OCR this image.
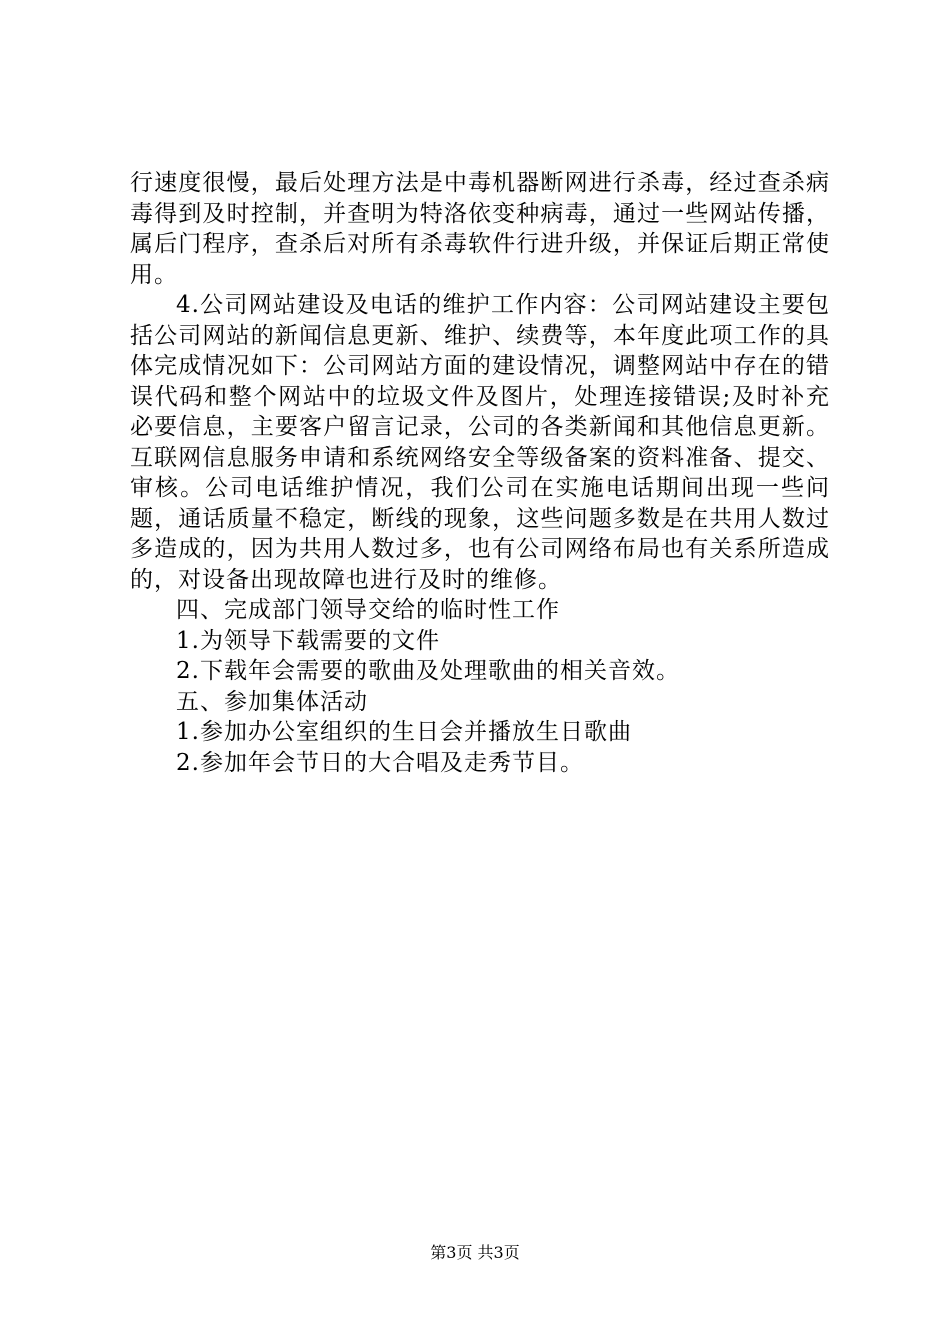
行速度很慢，最后处理方法是中毒机器断网进行杀毒，经过查杀病毒得到及时控制，并查明为特洛依变种病毒，通过一些网站传播，属后门程序，查杀后对所有杀毒软件行进升级，并保证后期正常使用。

4.公司网站建设及电话的维护工作内容：公司网站建设主要包括公司网站的新闻信息更新、维护、续费等，本年度此项工作的具体完成情况如下：公司网站方面的建设情况，调整网站中存在的错误代码和整个网站中的垃圾文件及图片，处理连接错误;及时补充必要信息，主要客户留言记录，公司的各类新闻和其他信息更新。互联网信息服务申请和系统网络安全等级备案的资料准备、提交、审核。公司电话维护情况，我们公司在实施电话期间出现一些问题，通话质量不稳定，断线的现象，这些问题多数是在共用人数过多造成的，因为共用人数过多，也有公司网络布局也有关系所造成的，对设备出现故障也进行及时的维修。

四、完成部门领导交给的临时性工作

1.为领导下载需要的文件

2.下载年会需要的歌曲及处理歌曲的相关音效。

五、参加集体活动

1.参加办公室组织的生日会并播放生日歌曲

2.参加年会节日的大合唱及走秀节目。

第3页 共3页
